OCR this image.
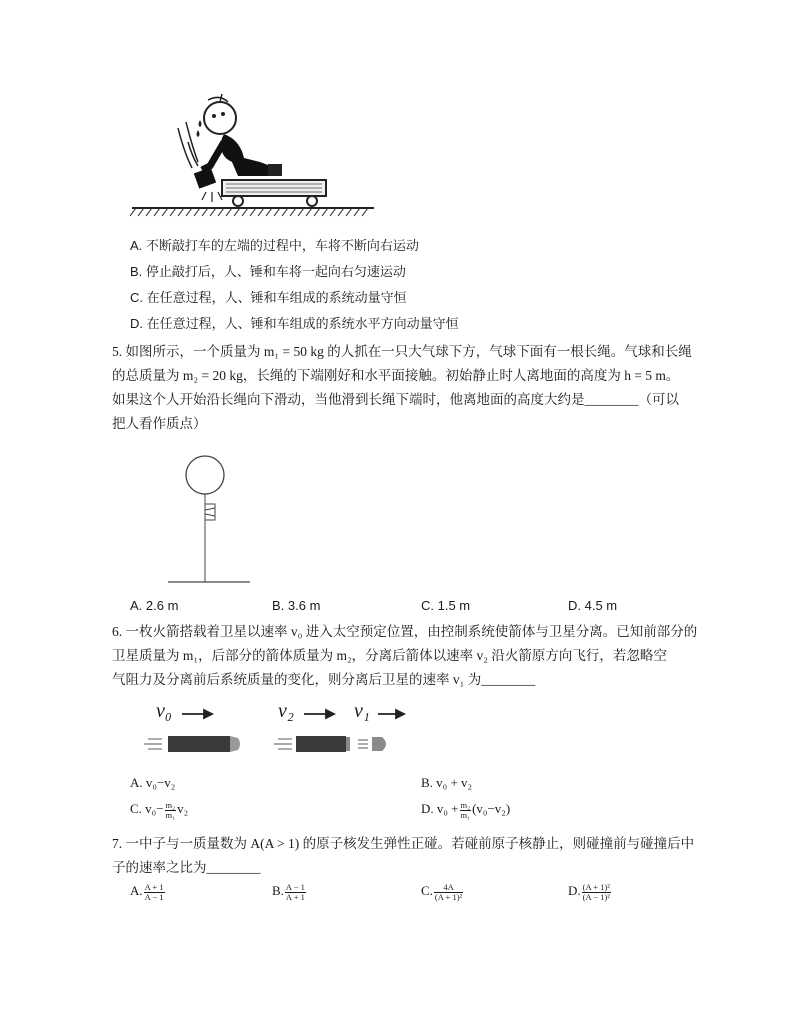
A. 不断敲打车的左端的过程中，车将不断向右运动
B. 停止敲打后，人、锤和车将一起向右匀速运动
C. 在任意过程，人、锤和车组成的系统动量守恒
D. 在任意过程，人、锤和车组成的系统水平方向动量守恒
5. 如图所示，一个质量为 m₁ = 50 kg 的人抓在一只大气球下方，气球下面有一根长绳。气球和长绳
的总质量为 m₂ = 20 kg，长绳的下端刚好和水平面接触。初始静止时人离地面的高度为 h = 5 m。
如果这个人开始沿长绳向下滑动，当他滑到长绳下端时，他离地面的高度大约是________（可以
把人看作质点）
A. 2.6 m	B. 3.6 m	C. 1.5 m	D. 4.5 m
6. 一枚火箭搭载着卫星以速率 v₀ 进入太空预定位置，由控制系统使箭体与卫星分离。已知前部分的
卫星质量为 m₁，后部分的箭体质量为 m₂，分离后箭体以速率 v₂ 沿火箭原方向飞行，若忽略空
气阻力及分离前后系统质量的变化，则分离后卫星的速率 v₁ 为________
v₀	v₂	v₁
A. v₀−v₂	B. v₀ + v₂
C. $v_0- \frac{\text{m₂}}{\text{m₁}} v_2$	D. $v_0 + \frac{\text{m₂}}{\text{m₁}} (v_0-v_2)$
7. 一中子与一质量数为 A(A > 1) 的原子核发生弹性正碰。若碰前原子核静止，则碰撞前与碰撞后中
子的速率之比为________
A. $\frac{A + 1}{A - 1}$	B. $\frac{A - 1}{A + 1}$	C. $\frac{4A}{\text{(A + 1)²}}$	D. $\frac{\text{(A + 1)²}}{\text{(A − 1)²}}$
